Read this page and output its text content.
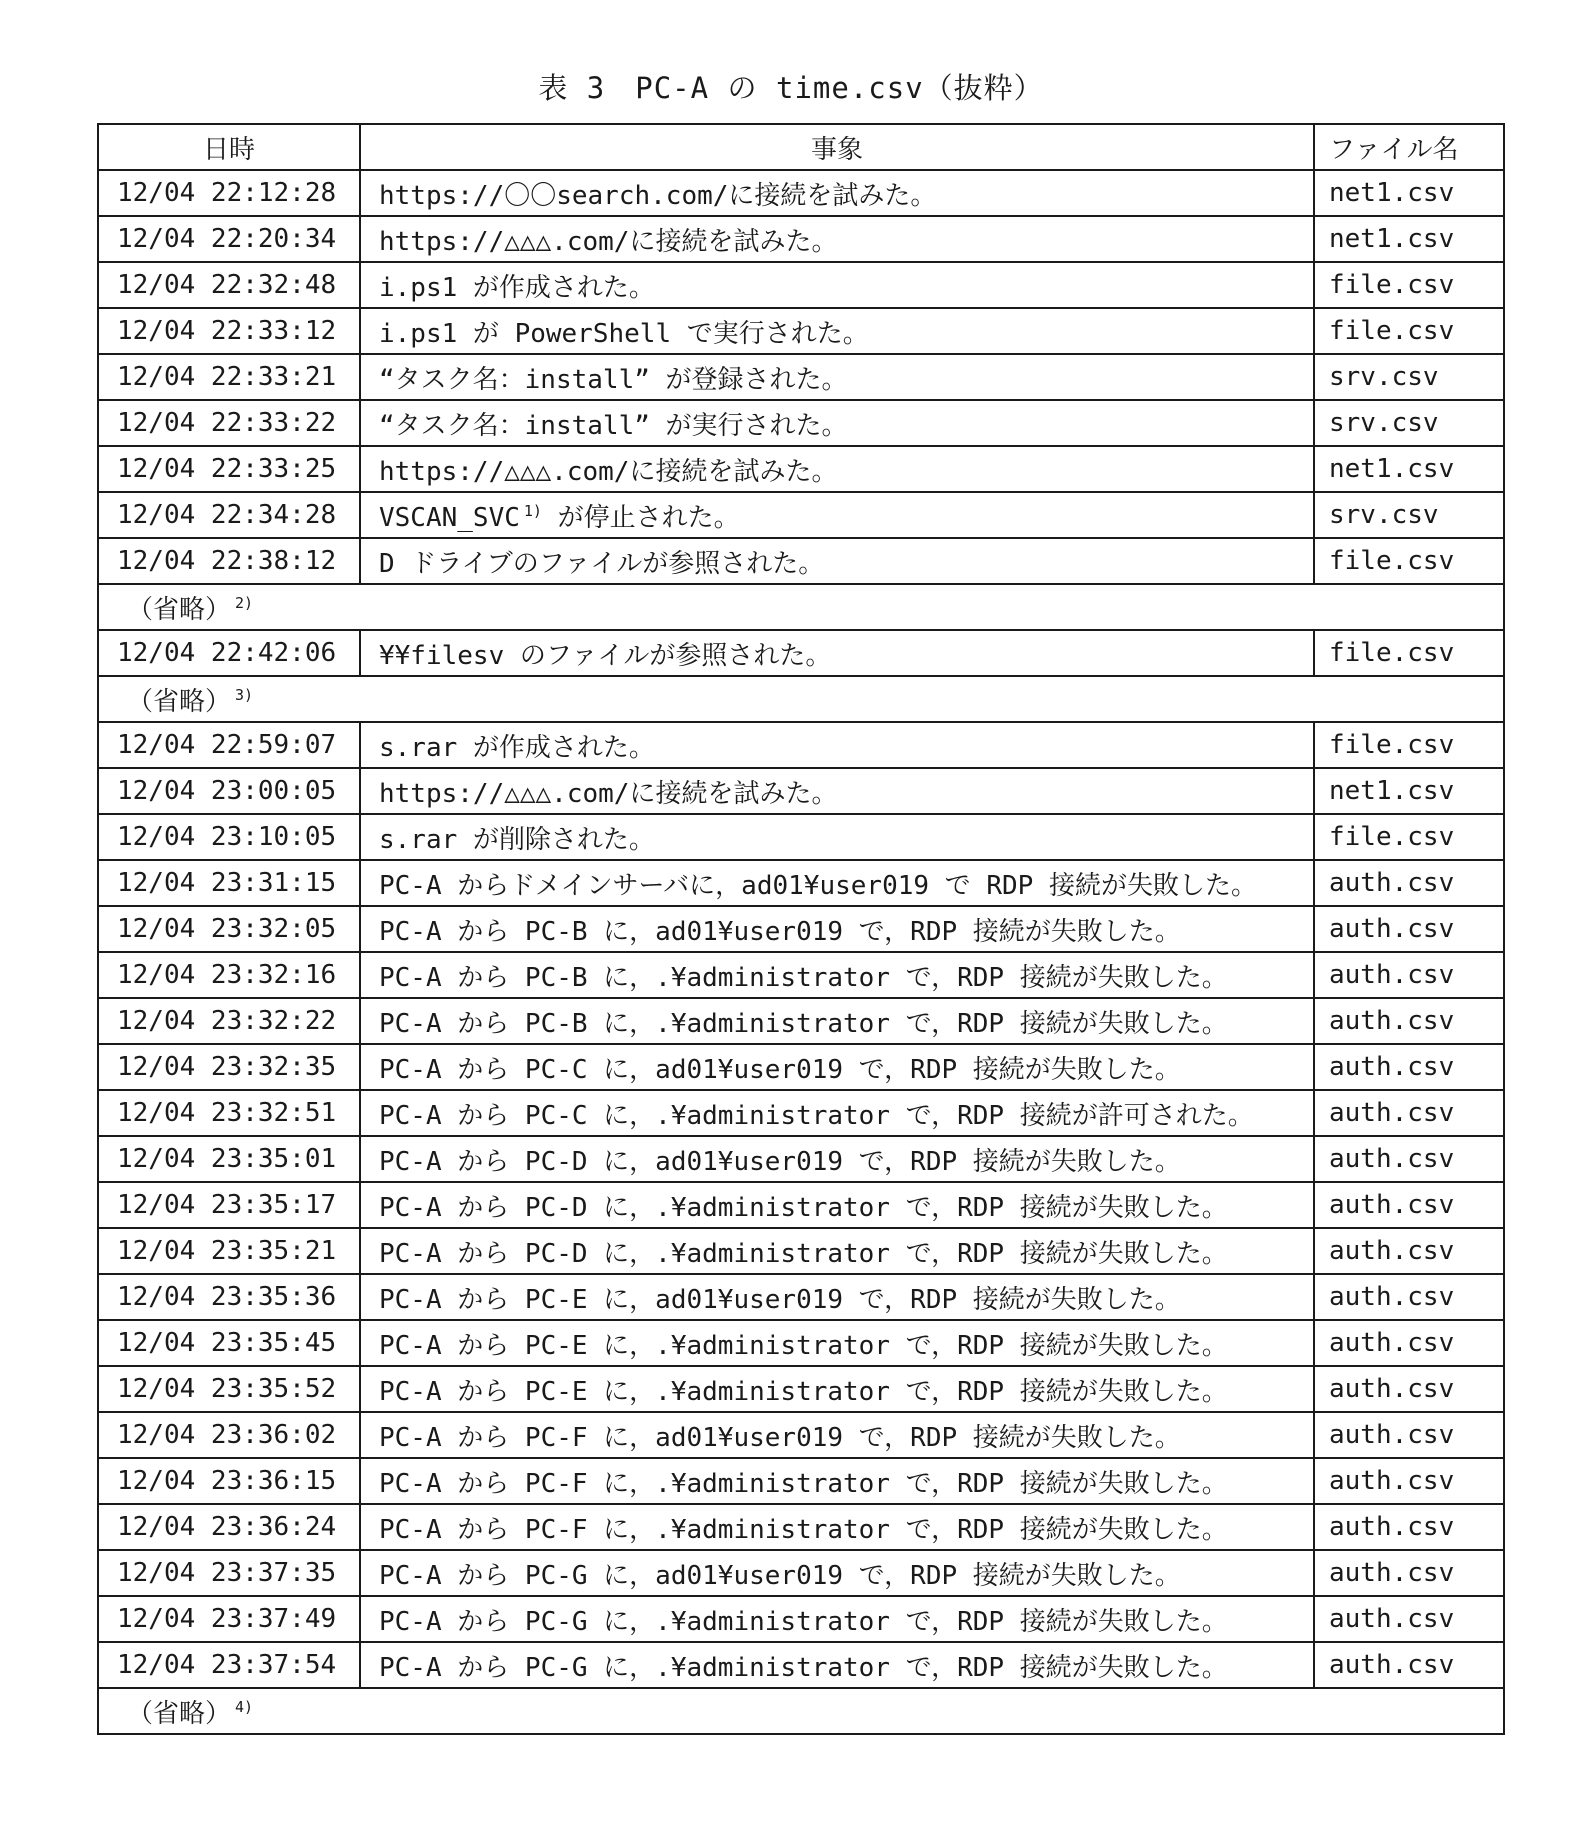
表 3　PC-A の time.csv（抜粋）
日時	事象	ファイル名
12/04 22:12:28	https://〇〇search.com/に接続を試みた。	net1.csv
12/04 22:20:34	https://△△△.com/に接続を試みた。	net1.csv
12/04 22:32:48	i.ps1 が作成された。	file.csv
12/04 22:33:12	i.ps1 が PowerShell で実行された。	file.csv
12/04 22:33:21	“タスク名：install” が登録された。	srv.csv
12/04 22:33:22	“タスク名：install” が実行された。	srv.csv
12/04 22:33:25	https://△△△.com/に接続を試みた。	net1.csv
12/04 22:34:28	VSCAN_SVC $^{1)}$ が停止された。	srv.csv
12/04 22:38:12	D ドライブのファイルが参照された。	file.csv
（省略） $^{2)}$
12/04 22:42:06	¥¥filesv のファイルが参照された。	file.csv
（省略） $^{3)}$
12/04 22:59:07	s.rar が作成された。	file.csv
12/04 23:00:05	https://△△△.com/に接続を試みた。	net1.csv
12/04 23:10:05	s.rar が削除された。	file.csv
12/04 23:31:15	PC-A からドメインサーバに，ad01¥user019 で RDP 接続が失敗した。	auth.csv
12/04 23:32:05	PC-A から PC-B に，ad01¥user019 で，RDP 接続が失敗した。	auth.csv
12/04 23:32:16	PC-A から PC-B に，.¥administrator で，RDP 接続が失敗した。	auth.csv
12/04 23:32:22	PC-A から PC-B に，.¥administrator で，RDP 接続が失敗した。	auth.csv
12/04 23:32:35	PC-A から PC-C に，ad01¥user019 で，RDP 接続が失敗した。	auth.csv
12/04 23:32:51	PC-A から PC-C に，.¥administrator で，RDP 接続が許可された。	auth.csv
12/04 23:35:01	PC-A から PC-D に，ad01¥user019 で，RDP 接続が失敗した。	auth.csv
12/04 23:35:17	PC-A から PC-D に，.¥administrator で，RDP 接続が失敗した。	auth.csv
12/04 23:35:21	PC-A から PC-D に，.¥administrator で，RDP 接続が失敗した。	auth.csv
12/04 23:35:36	PC-A から PC-E に，ad01¥user019 で，RDP 接続が失敗した。	auth.csv
12/04 23:35:45	PC-A から PC-E に，.¥administrator で，RDP 接続が失敗した。	auth.csv
12/04 23:35:52	PC-A から PC-E に，.¥administrator で，RDP 接続が失敗した。	auth.csv
12/04 23:36:02	PC-A から PC-F に，ad01¥user019 で，RDP 接続が失敗した。	auth.csv
12/04 23:36:15	PC-A から PC-F に，.¥administrator で，RDP 接続が失敗した。	auth.csv
12/04 23:36:24	PC-A から PC-F に，.¥administrator で，RDP 接続が失敗した。	auth.csv
12/04 23:37:35	PC-A から PC-G に，ad01¥user019 で，RDP 接続が失敗した。	auth.csv
12/04 23:37:49	PC-A から PC-G に，.¥administrator で，RDP 接続が失敗した。	auth.csv
12/04 23:37:54	PC-A から PC-G に，.¥administrator で，RDP 接続が失敗した。	auth.csv
（省略） $^{4)}$
